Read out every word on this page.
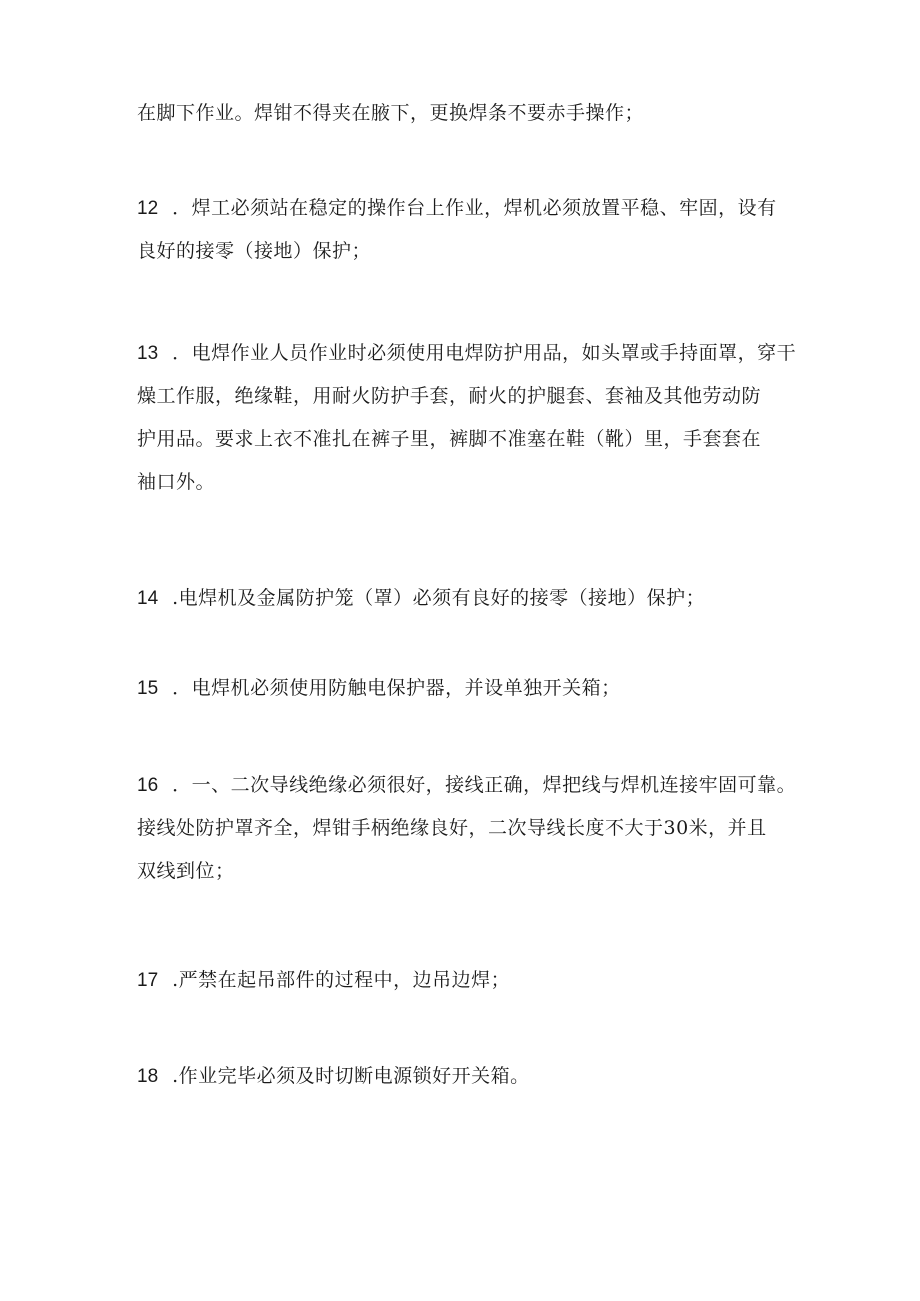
在脚下作业。焊钳不得夹在腋下，更换焊条不要赤手操作；
12 ．焊工必须站在稳定的操作台上作业，焊机必须放置平稳、牢固，设有
良好的接零（接地）保护；
13 ．电焊作业人员作业时必须使用电焊防护用品，如头罩或手持面罩，穿干
燥工作服，绝缘鞋，用耐火防护手套，耐火的护腿套、套袖及其他劳动防
护用品。要求上衣不准扎在裤子里，裤脚不准塞在鞋（靴）里，手套套在
袖口外。
14 .电焊机及金属防护笼（罩）必须有良好的接零（接地）保护；
15 ．电焊机必须使用防触电保护器，并设单独开关箱；
16 ．一、二次导线绝缘必须很好，接线正确，焊把线与焊机连接牢固可靠。
接线处防护罩齐全，焊钳手柄绝缘良好，二次导线长度不大于30米，并且
双线到位；
17 .严禁在起吊部件的过程中，边吊边焊；
18 .作业完毕必须及时切断电源锁好开关箱。
